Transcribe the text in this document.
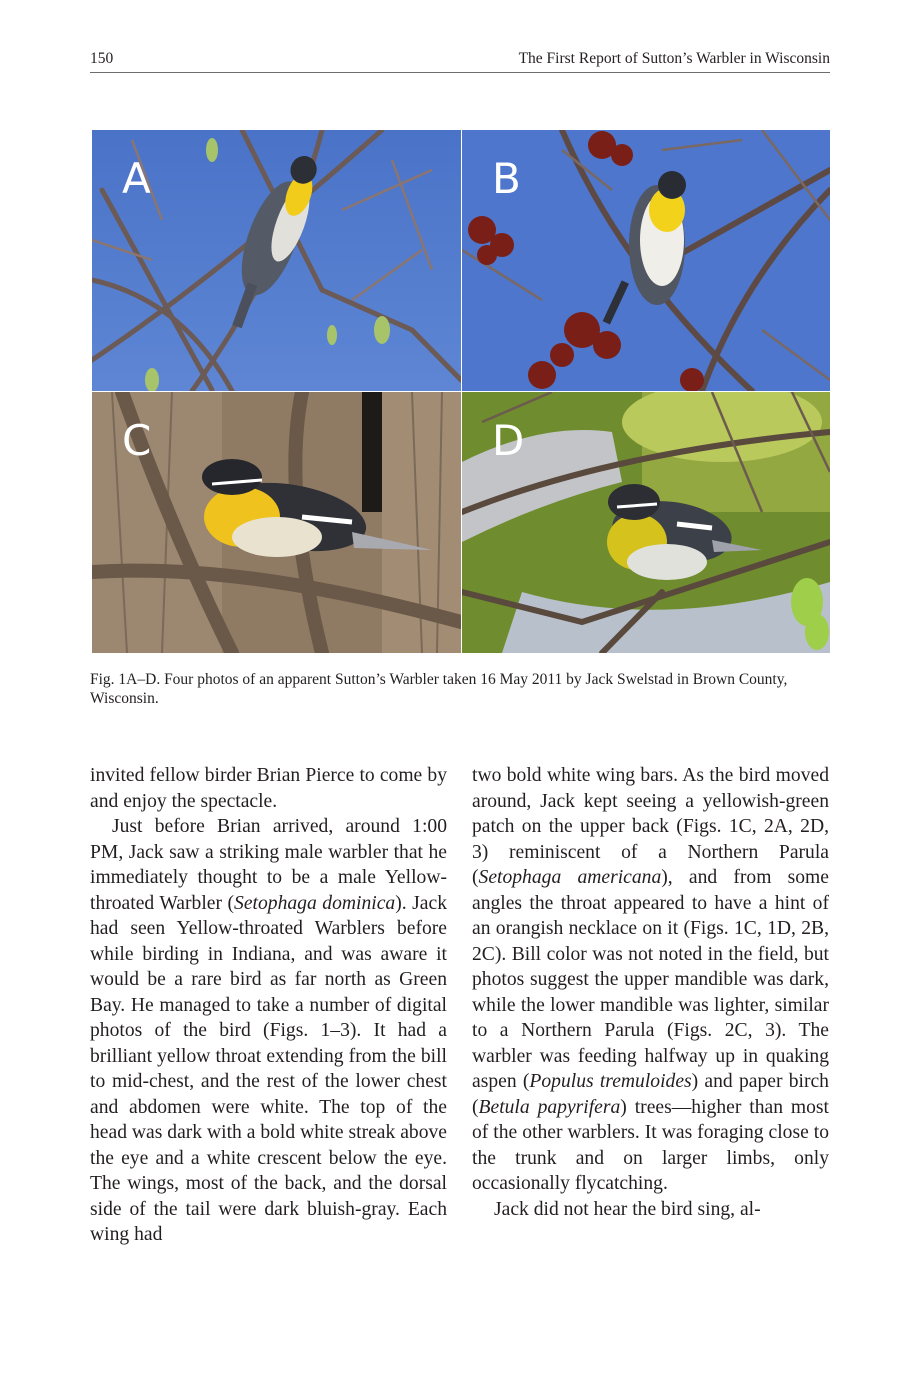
150	The First Report of Sutton’s Warbler in Wisconsin
A	B
C	D
Fig. 1A–D. Four photos of an apparent Sutton’s Warbler taken 16 May 2011 by Jack Swelstad in Brown County, Wisconsin.

invited fellow birder Brian Pierce to come by and enjoy the spectacle.

Just before Brian arrived, around 1:00 PM, Jack saw a striking male warbler that he immediately thought to be a male Yellow-throated Warbler (Setophaga dominica). Jack had seen Yellow-throated Warblers before while birding in Indiana, and was aware it would be a rare bird as far north as Green Bay. He managed to take a number of digital photos of the bird (Figs. 1–3). It had a brilliant yellow throat extending from the bill to mid-chest, and the rest of the lower chest and abdomen were white. The top of the head was dark with a bold white streak above the eye and a white crescent below the eye. The wings, most of the back, and the dorsal side of the tail were dark bluish-gray. Each wing had

two bold white wing bars. As the bird moved around, Jack kept seeing a yellowish-green patch on the upper back (Figs. 1C, 2A, 2D, 3) reminiscent of a Northern Parula (Setophaga americana), and from some angles the throat appeared to have a hint of an orangish necklace on it (Figs. 1C, 1D, 2B, 2C). Bill color was not noted in the field, but photos suggest the upper mandible was dark, while the lower mandible was lighter, similar to a Northern Parula (Figs. 2C, 3). The warbler was feeding halfway up in quaking aspen (Populus tremuloides) and paper birch (Betula papyrifera) trees—higher than most of the other warblers. It was foraging close to the trunk and on larger limbs, only occasionally flycatching.

Jack did not hear the bird sing, al-
